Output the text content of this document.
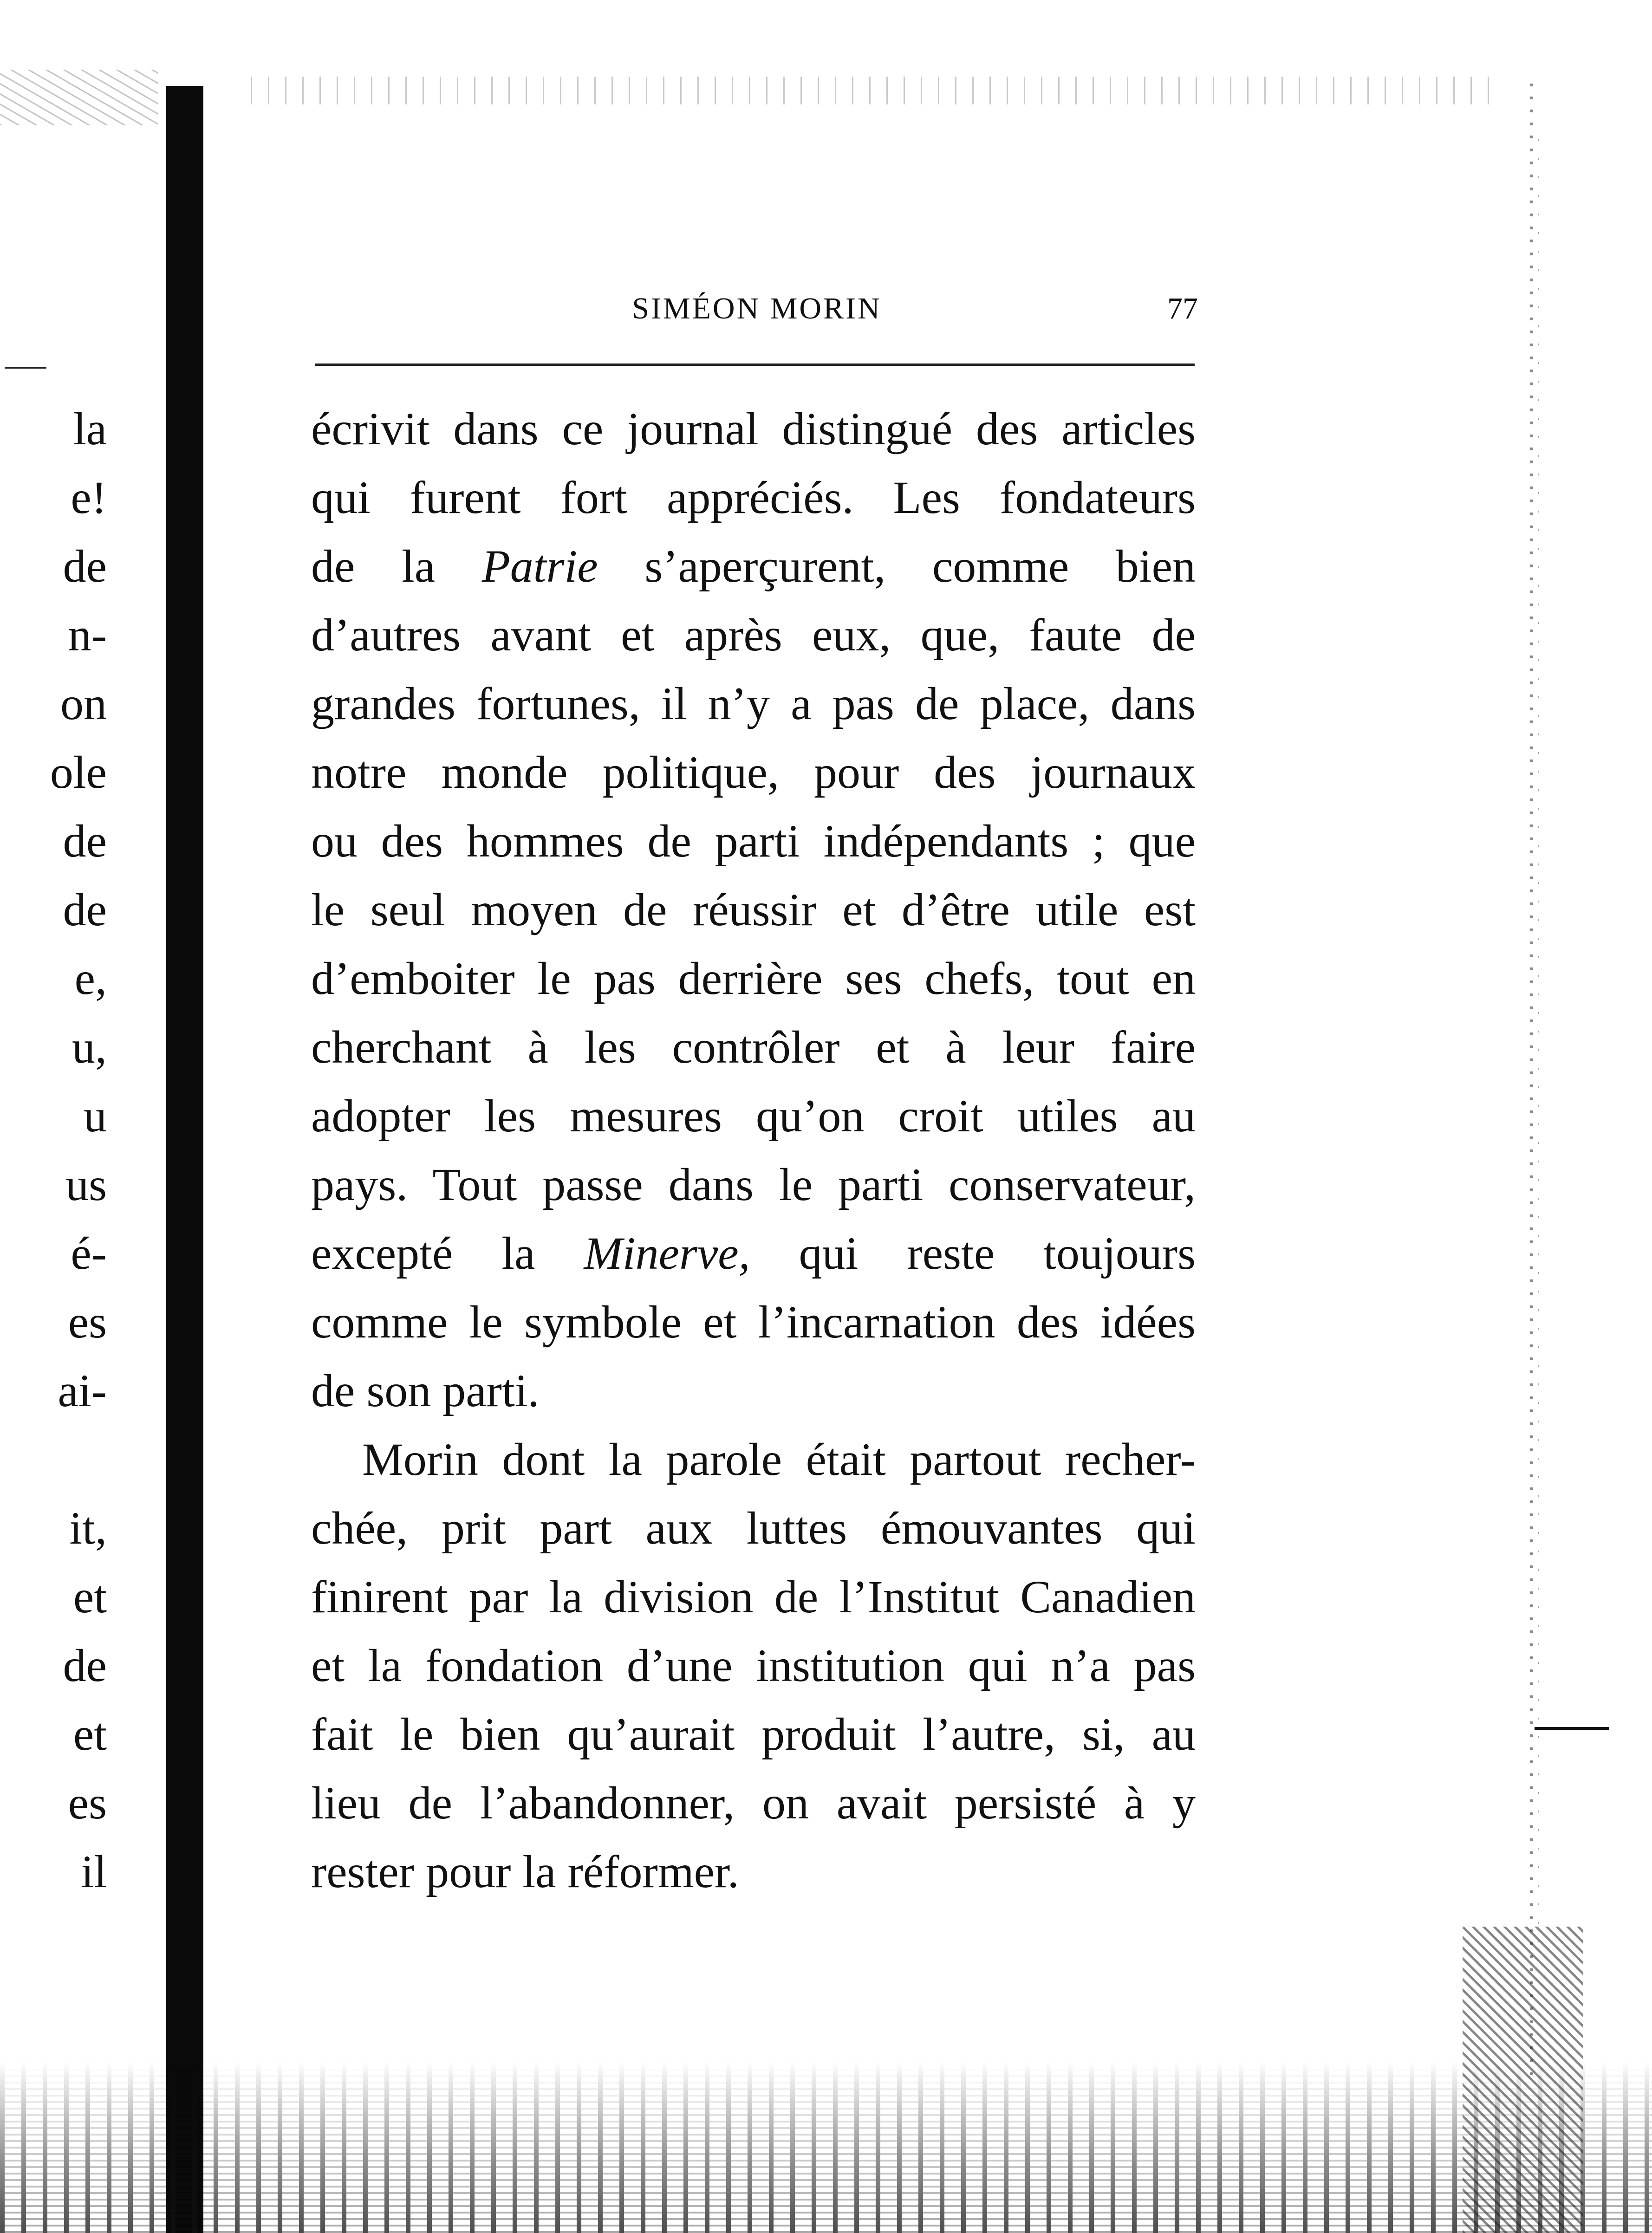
la
e!
de
n-
on
ole
de
de
e,
u,
u
us
é-
es
ai-
it,
et
de
et
es
il
SIMÉON MORIN	77
écrivit dans ce journal distingué des articles
qui furent fort appréciés. Les fondateurs
de la Patrie s’aperçurent, comme bien
d’autres avant et après eux, que, faute de
grandes fortunes, il n’y a pas de place, dans
notre monde politique, pour des journaux
ou des hommes de parti indépendants ; que
le seul moyen de réussir et d’être utile est
d’emboiter le pas derrière ses chefs, tout en
cherchant à les contrôler et à leur faire
adopter les mesures qu’on croit utiles au
pays. Tout passe dans le parti conservateur,
excepté la Minerve, qui reste toujours
comme le symbole et l’incarnation des idées
de son parti.
Morin dont la parole était partout recher-
chée, prit part aux luttes émouvantes qui
finirent par la division de l’Institut Canadien
et la fondation d’une institution qui n’a pas
fait le bien qu’aurait produit l’autre, si, au
lieu de l’abandonner, on avait persisté à y
rester pour la réformer.
